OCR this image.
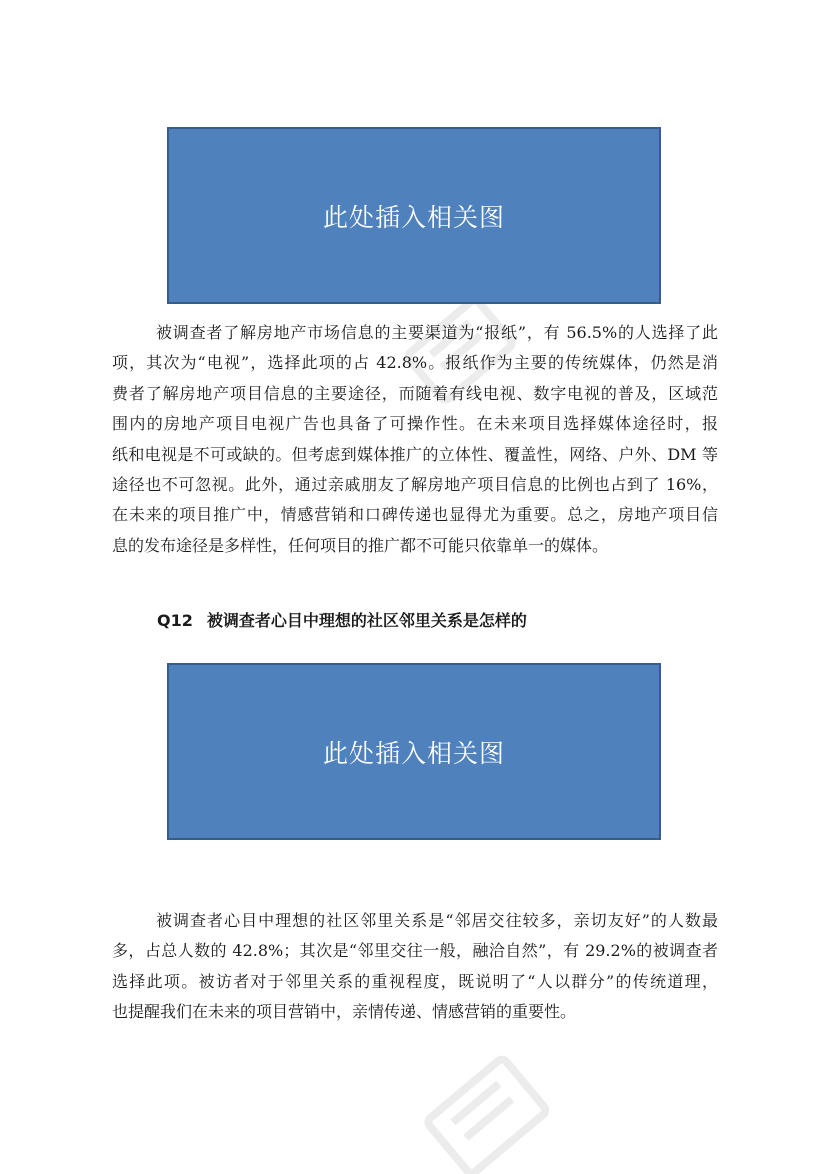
此处插入相关图
被调查者了解房地产市场信息的主要渠道为“报纸”，有 56.5%的人选择了此
项，其次为“电视”，选择此项的占 42.8%。报纸作为主要的传统媒体，仍然是消
费者了解房地产项目信息的主要途径，而随着有线电视、数字电视的普及，区域范
围内的房地产项目电视广告也具备了可操作性。在未来项目选择媒体途径时，报
纸和电视是不可或缺的。但考虑到媒体推广的立体性、覆盖性，网络、户外、DM 等
途径也不可忽视。此外，通过亲戚朋友了解房地产项目信息的比例也占到了 16%，
在未来的项目推广中，情感营销和口碑传递也显得尤为重要。总之，房地产项目信
息的发布途径是多样性，任何项目的推广都不可能只依靠单一的媒体。
Q12 被调查者心目中理想的社区邻里关系是怎样的
此处插入相关图
被调查者心目中理想的社区邻里关系是“邻居交往较多，亲切友好”的人数最
多，占总人数的 42.8%；其次是“邻里交往一般，融洽自然”，有 29.2%的被调查者
选择此项。被访者对于邻里关系的重视程度，既说明了“人以群分”的传统道理，
也提醒我们在未来的项目营销中，亲情传递、情感营销的重要性。
